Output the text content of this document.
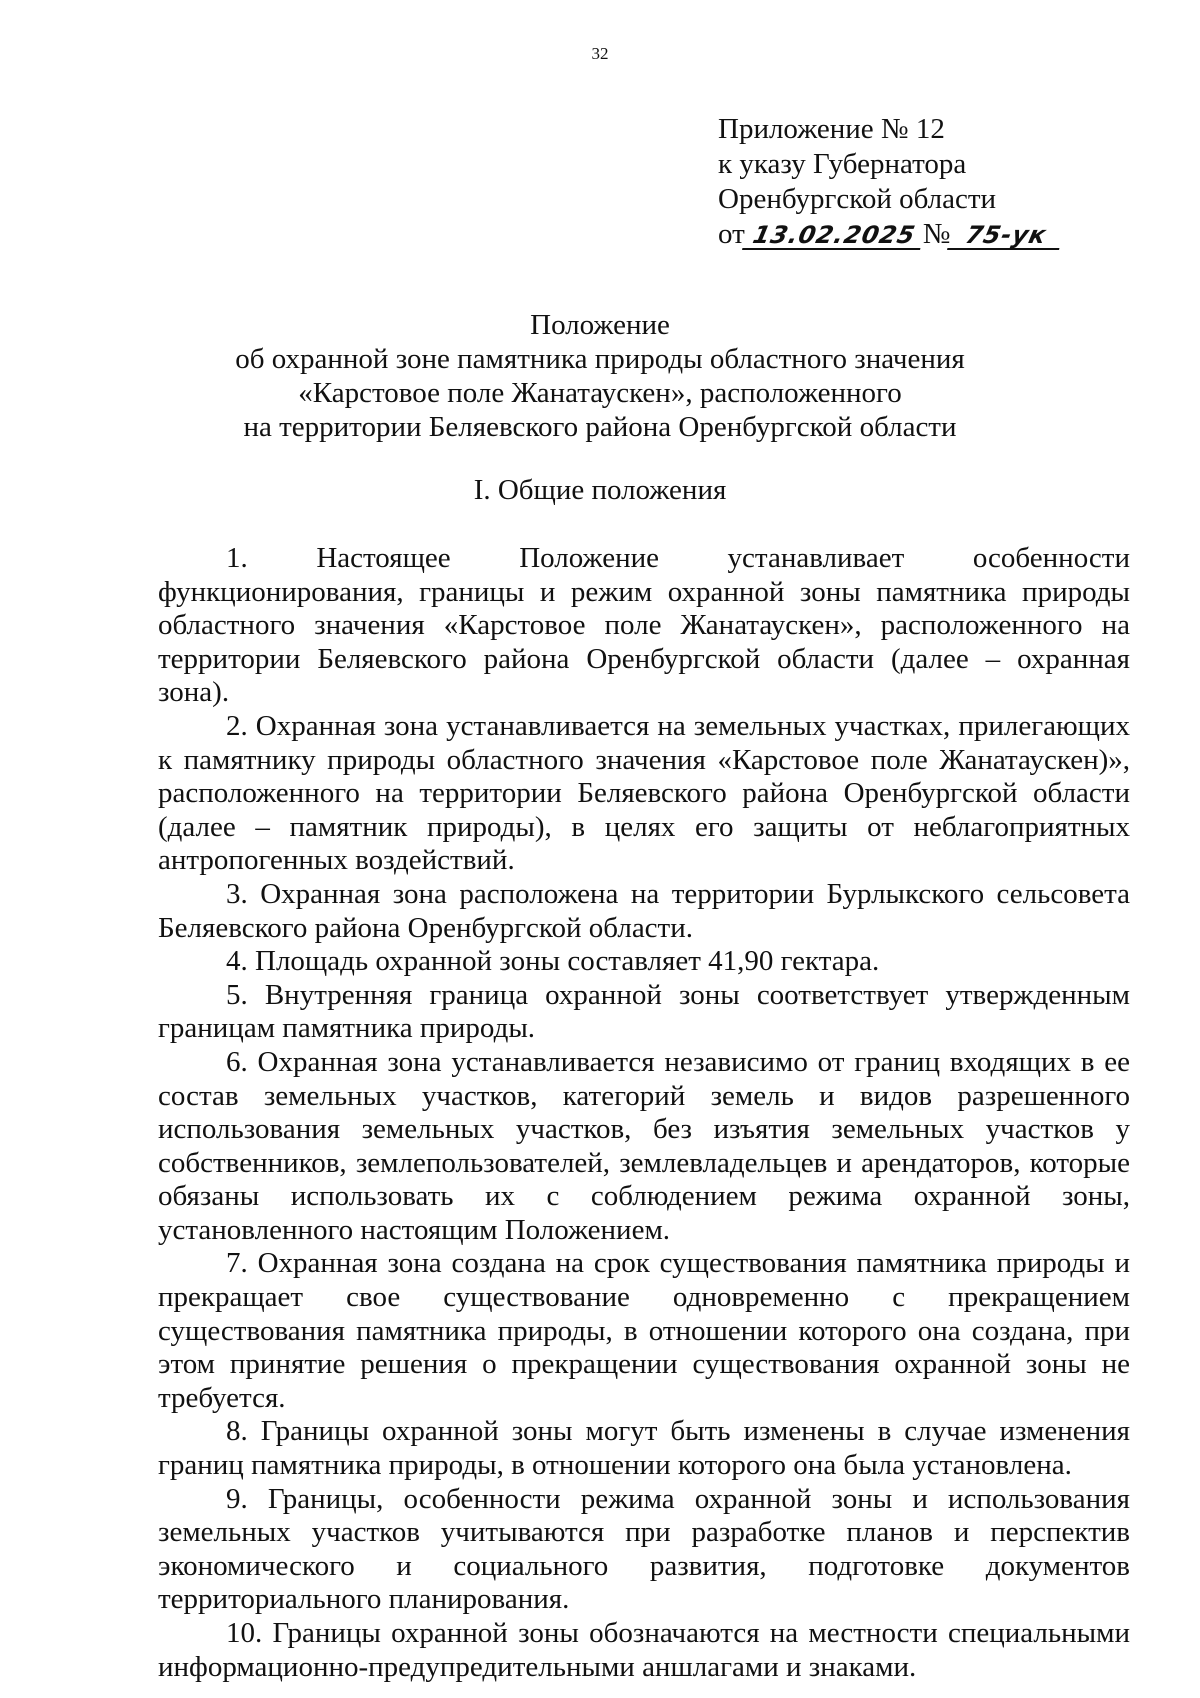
32
Приложение № 12
к указу Губернатора
Оренбургской области
от 13.02.2025 № 75-ук
Положение
об охранной зоне памятника природы областного значения
«Карстовое поле Жанатаускен», расположенного
на территории Беляевского района Оренбургской области
I. Общие положения

1. Настоящее Положение устанавливает особенности функционирования, границы и режим охранной зоны памятника природы областного значения «Карстовое поле Жанатаускен», расположенного на территории Беляевского района Оренбургской области (далее – охранная зона).

2. Охранная зона устанавливается на земельных участках, прилегающих к памятнику природы областного значения «Карстовое поле Жанатаускен)», расположенного на территории Беляевского района Оренбургской области (далее – памятник природы), в целях его защиты от неблагоприятных антропогенных воздействий.

3. Охранная зона расположена на территории Бурлыкского сельсовета Беляевского района Оренбургской области.

4. Площадь охранной зоны составляет 41,90 гектара.

5. Внутренняя граница охранной зоны соответствует утвержденным границам памятника природы.

6. Охранная зона устанавливается независимо от границ входящих в ее состав земельных участков, категорий земель и видов разрешенного использования земельных участков, без изъятия земельных участков у собственников, землепользователей, землевладельцев и арендаторов, которые обязаны использовать их с соблюдением режима охранной зоны, установленного настоящим Положением.

7. Охранная зона создана на срок существования памятника природы и прекращает свое существование одновременно с прекращением существования памятника природы, в отношении которого она создана, при этом принятие решения о прекращении существования охранной зоны не требуется.

8. Границы охранной зоны могут быть изменены в случае изменения границ памятника природы, в отношении которого она была установлена.

9. Границы, особенности режима охранной зоны и использования земельных участков учитываются при разработке планов и перспектив экономического и социального развития, подготовке документов территориального планирования.

10. Границы охранной зоны обозначаются на местности специальными информационно-предупредительными аншлагами и знаками.
